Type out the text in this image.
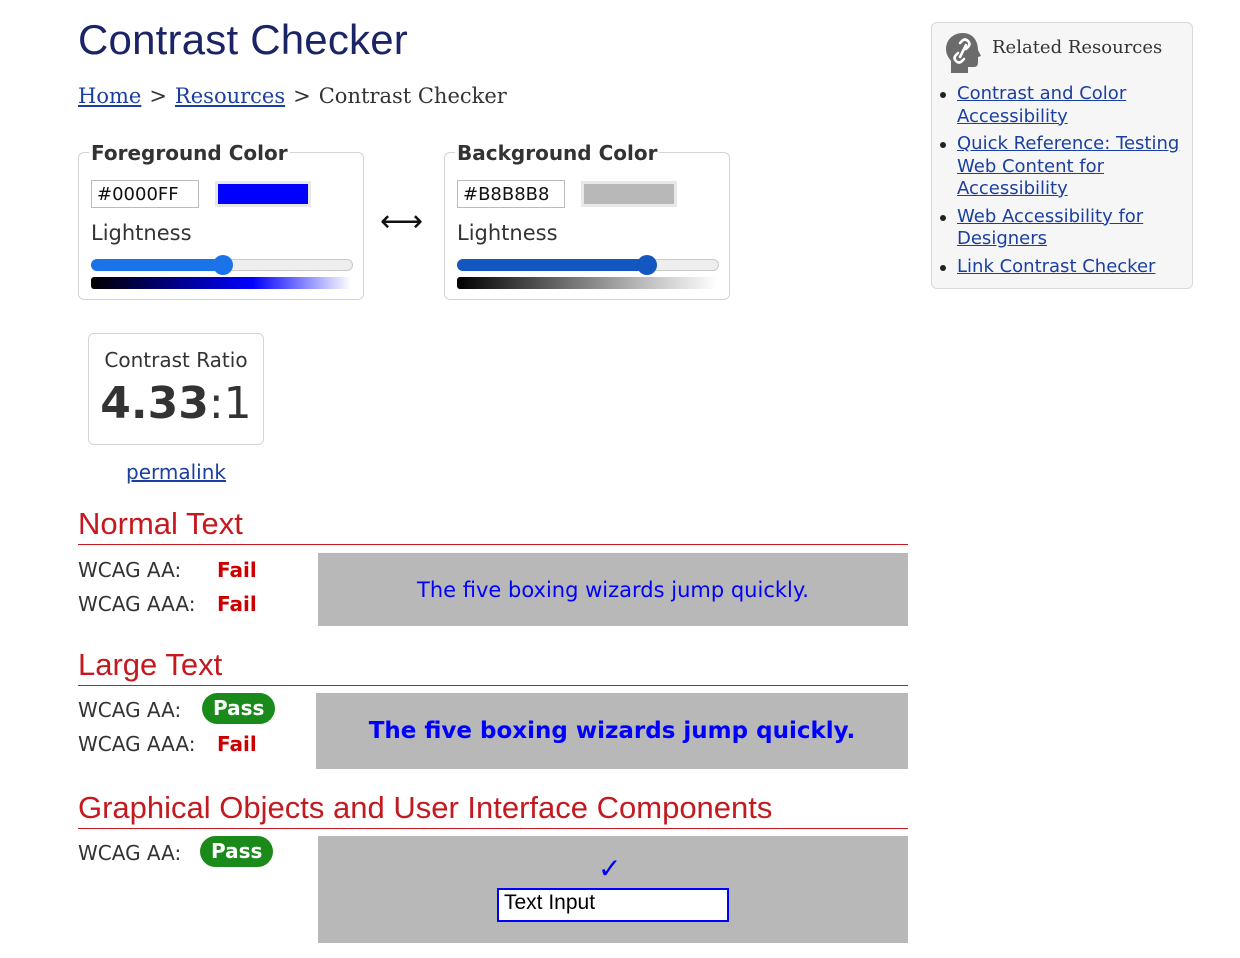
Contrast Checker
Home > Resources > Contrast Checker
Foreground Color
#0000FF
Lightness	⟷
Background Color
#B8B8B8
Lightness
Contrast Ratio
4.33:1
permalink
Normal Text
WCAG AA: Fail
WCAG AAA: Fail
The five boxing wizards jump quickly.
Large Text
WCAG AA:	Pass
WCAG AAA: Fail	The five boxing wizards jump quickly.
Graphical Objects and User Interface Components
WCAG AA:	Pass
✓
Text Input
Related Resources
Contrast and Color Accessibility
Quick Reference: Testing Web Content for Accessibility
Web Accessibility for Designers
Link Contrast Checker
